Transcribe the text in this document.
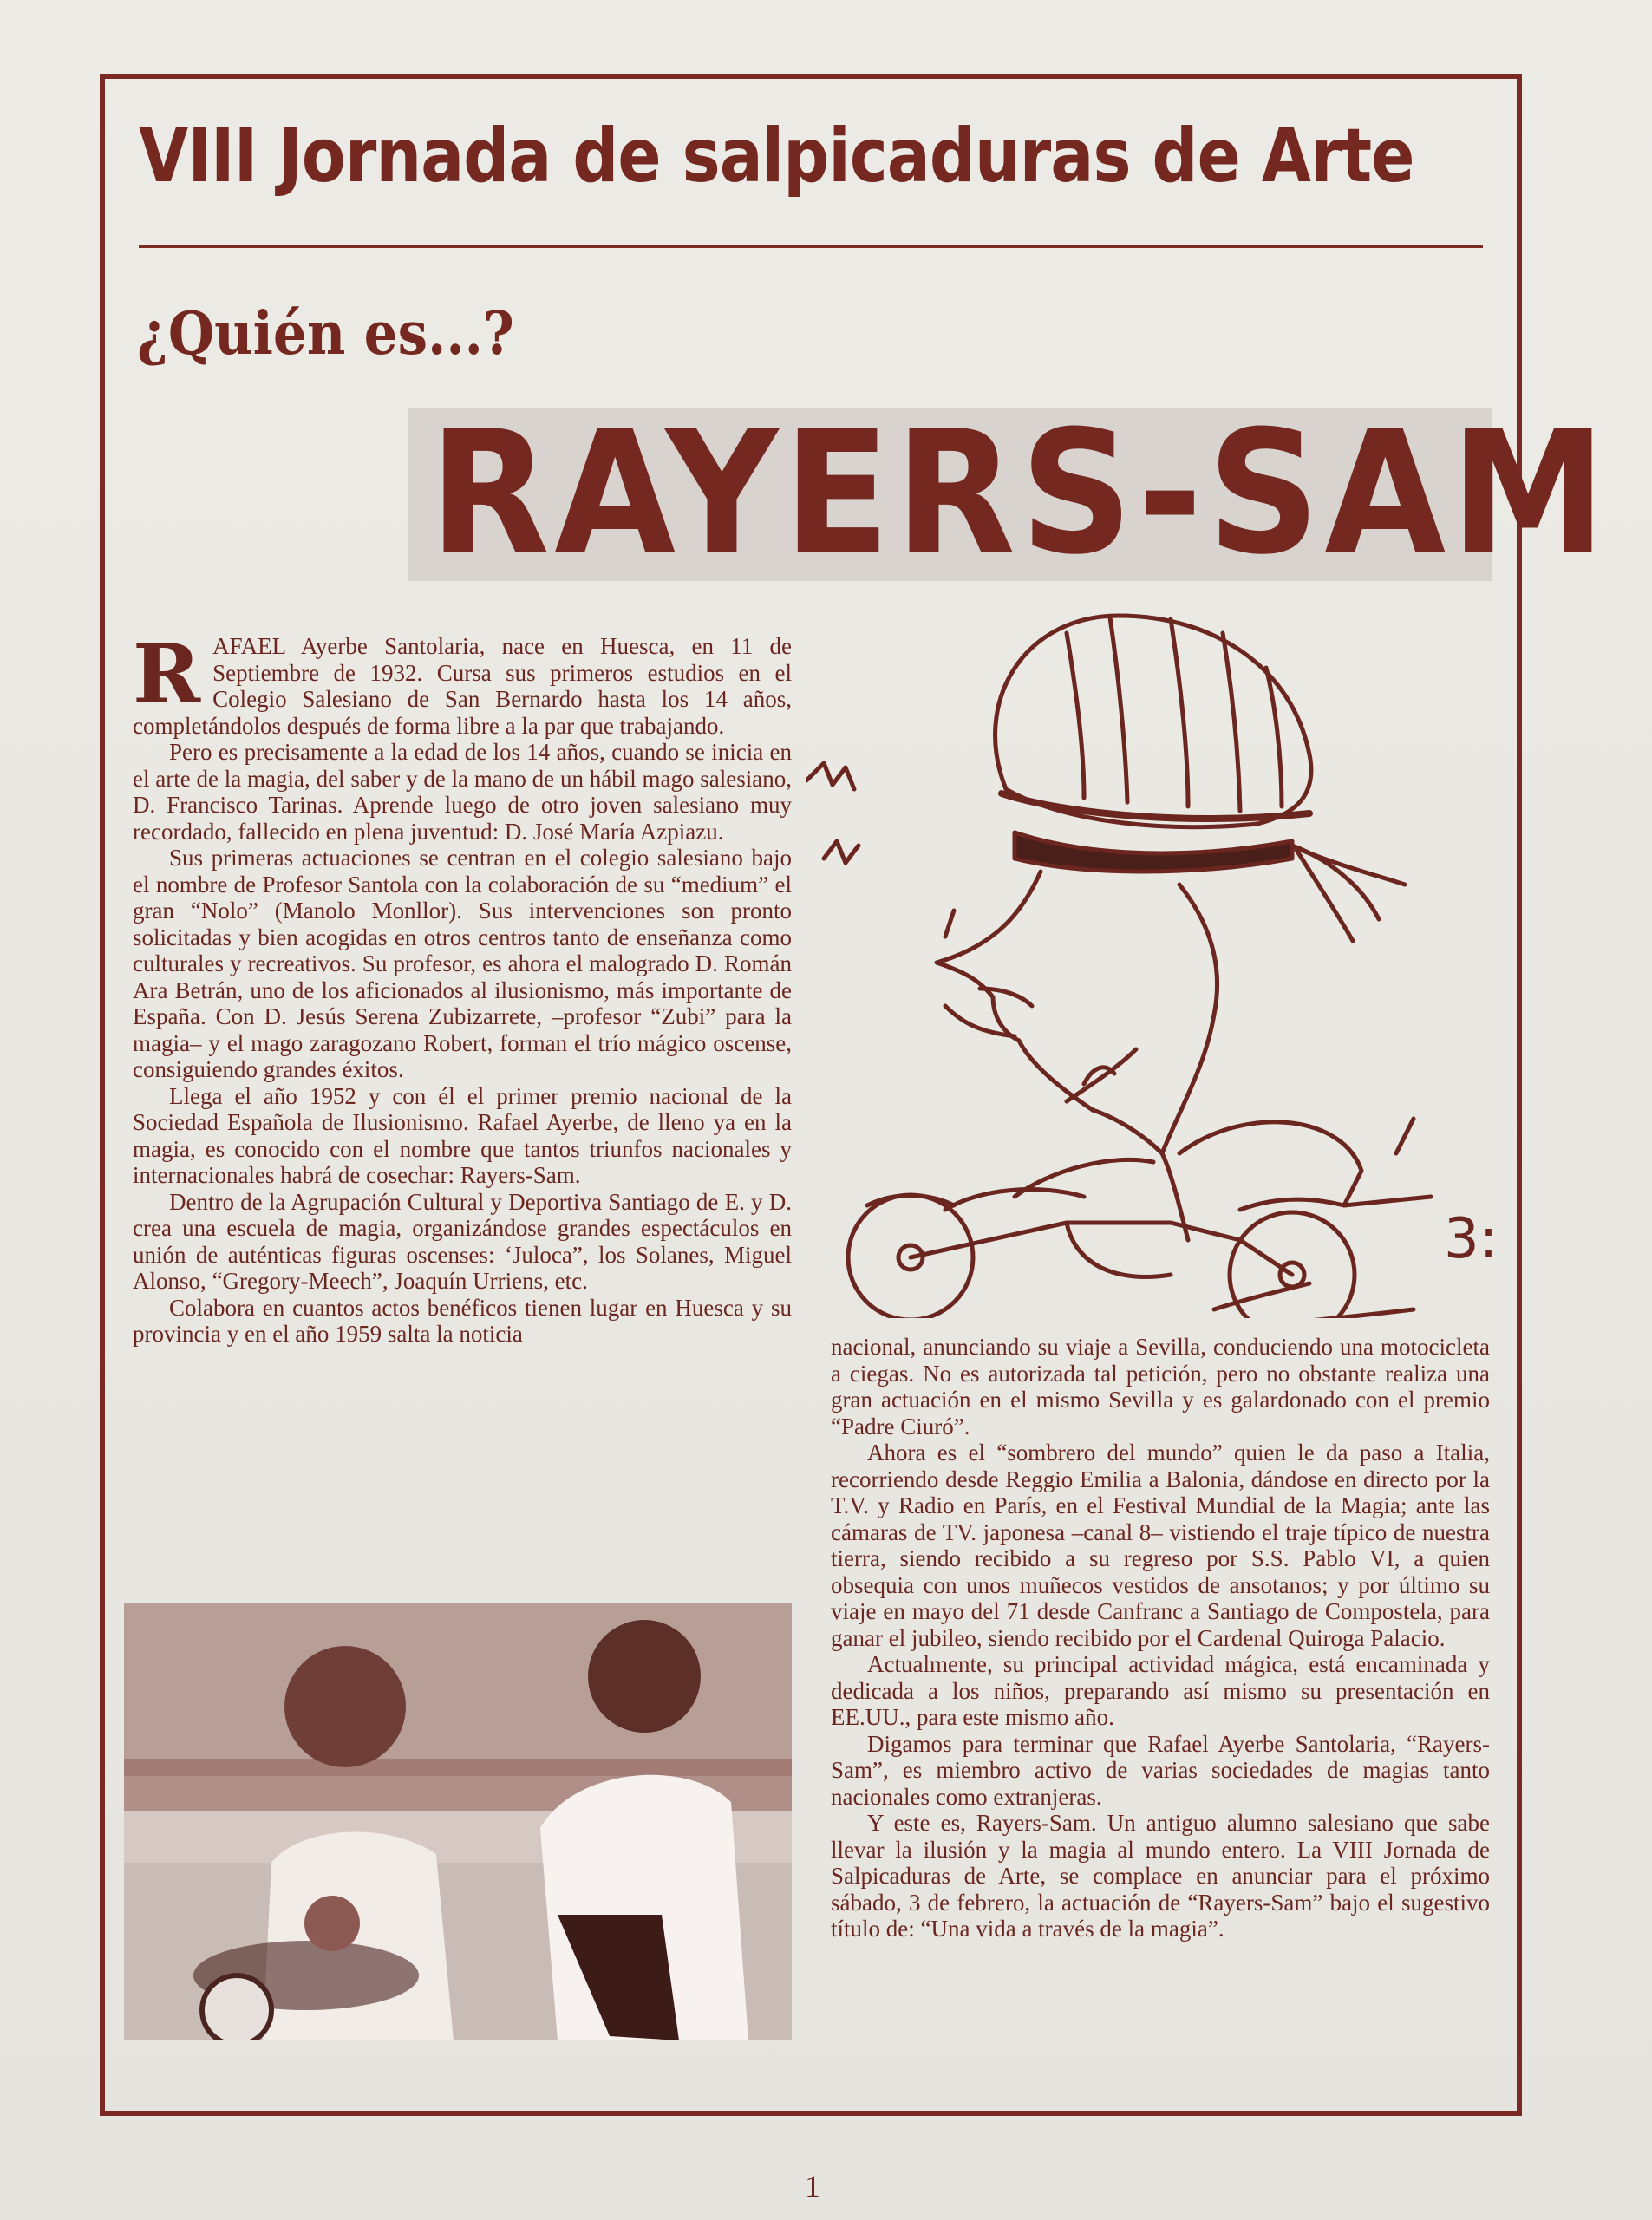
VIII Jornada de salpicaduras de Arte
¿Quién es...?
RAYERS-SAM

R AFAEL Ayerbe Santolaria, nace en Huesca, en 11 de Septiembre de 1932. Cursa sus primeros estudios en el Colegio Salesiano de San Bernardo hasta los 14 años, completándolos después de forma libre a la par que trabajando.

Pero es precisamente a la edad de los 14 años, cuando se inicia en el arte de la magia, del saber y de la mano de un hábil mago salesiano, D. Francisco Tarinas. Aprende luego de otro joven salesiano muy recordado, fallecido en plena juventud: D. José María Azpiazu.

Sus primeras actuaciones se centran en el colegio salesiano bajo el nombre de Profesor Santola con la colaboración de su “medium” el gran “Nolo” (Manolo Monllor). Sus intervenciones son pronto solicitadas y bien acogidas en otros centros tanto de enseñanza como culturales y recreativos. Su profesor, es ahora el malogrado D. Román Ara Betrán, uno de los aficionados al ilusionismo, más importante de España. Con D. Jesús Serena Zubizarrete, –profesor “Zubi” para la magia– y el mago zaragozano Robert, forman el trío mágico oscense, consiguiendo grandes éxitos.

Llega el año 1952 y con él el primer premio nacional de la Sociedad Española de Ilusionismo. Rafael Ayerbe, de lleno ya en la magia, es conocido con el nombre que tantos triunfos nacionales y internacionales habrá de cosechar: Rayers-Sam.

Dentro de la Agrupación Cultural y Deportiva Santiago de E. y D. crea una escuela de magia, organizándose grandes espectáculos en unión de auténticas figuras oscenses: ‘Juloca”, los Solanes, Miguel Alonso, “Gregory-Meech”, Joaquín Urriens, etc.

Colabora en cuantos actos benéficos tienen lugar en Huesca y su provincia y en el año 1959 salta la noticia	nacional, anunciando su viaje a Sevilla, conduciendo una motocicleta a ciegas. No es autorizada tal petición, pero no obstante realiza una gran actuación en el mismo Sevilla y es galardonado con el premio “Padre Ciuró”.

Ahora es el “sombrero del mundo” quien le da paso a Italia, recorriendo desde Reggio Emilia a Balonia, dándose en directo por la T.V. y Radio en París, en el Festival Mundial de la Magia; ante las cámaras de TV. japonesa –canal 8– vistiendo el traje típico de nuestra tierra, siendo recibido a su regreso por S.S. Pablo VI, a quien obsequia con unos muñecos vestidos de ansotanos; y por último su viaje en mayo del 71 desde Canfranc a Santiago de Compostela, para ganar el jubileo, siendo recibido por el Cardenal Quiroga Palacio.

Actualmente, su principal actividad mágica, está encaminada y dedicada a los niños, preparando así mismo su presentación en EE.UU., para este mismo año.

Digamos para terminar que Rafael Ayerbe Santolaria, “Rayers-Sam”, es miembro activo de varias sociedades de magias tanto nacionales como extranjeras.

Y este es, Rayers-Sam. Un antiguo alumno salesiano que sabe llevar la ilusión y la magia al mundo entero. La VIII Jornada de Salpicaduras de Arte, se complace en anunciar para el próximo sábado, 3 de febrero, la actuación de “Rayers-Sam” bajo el sugestivo título de: “Una vida a través de la magia”.

3:
1
